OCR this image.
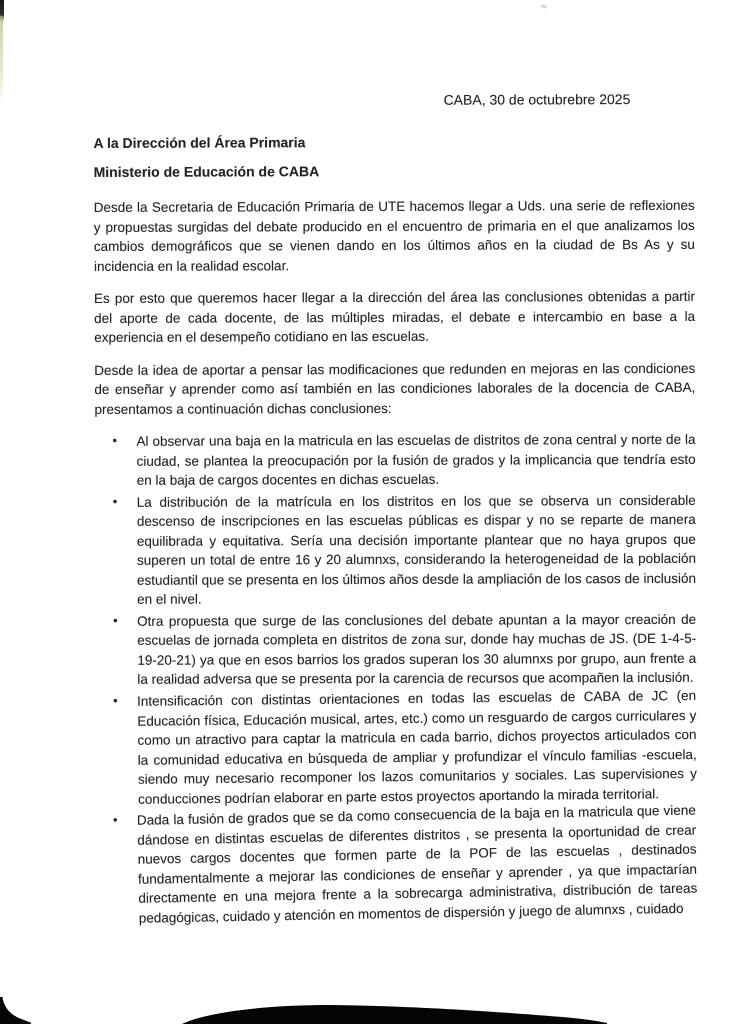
CABA, 30 de octubrebre 2025
A la Dirección del Área Primaria
Ministerio de Educación de CABA

Desde la Secretaria de Educación Primaria de UTE hacemos llegar a Uds. una serie de reflexiones y propuestas surgidas del debate producido en el encuentro de primaria en el que analizamos los cambios demográficos que se vienen dando en los últimos años en la ciudad de Bs As y su incidencia en la realidad escolar.

Es por esto que queremos hacer llegar a la dirección del área las conclusiones obtenidas a partir del aporte de cada docente, de las múltiples miradas, el debate e intercambio en base a la experiencia en el desempeño cotidiano en las escuelas.

Desde la idea de aportar a pensar las modificaciones que redunden en mejoras en las condiciones de enseñar y aprender como así también en las condiciones laborales de la docencia de CABA, presentamos a continuación dichas conclusiones:

• Al observar una baja en la matricula en las escuelas de distritos de zona central y norte de la ciudad, se plantea la preocupación por la fusión de grados y la implicancia que tendría esto en la baja de cargos docentes en dichas escuelas.
• La distribución de la matrícula en los distritos en los que se observa un considerable descenso de inscripciones en las escuelas públicas es dispar y no se reparte de manera equilibrada y equitativa. Sería una decisión importante plantear que no haya grupos que superen un total de entre 16 y 20 alumnxs, considerando la heterogeneidad de la población estudiantil que se presenta en los últimos años desde la ampliación de los casos de inclusión en el nivel.
• Otra propuesta que surge de las conclusiones del debate apuntan a la mayor creación de escuelas de jornada completa en distritos de zona sur, donde hay muchas de JS. (DE 1-4-5-19-20-21) ya que en esos barrios los grados superan los 30 alumnxs por grupo, aun frente a la realidad adversa que se presenta por la carencia de recursos que acompañen la inclusión.
• Intensificación con distintas orientaciones en todas las escuelas de CABA de JC (en Educación física, Educación musical, artes, etc.) como un resguardo de cargos curriculares y como un atractivo para captar la matricula en cada barrio, dichos proyectos articulados con la comunidad educativa en búsqueda de ampliar y profundizar el vínculo familias -escuela, siendo muy necesario recomponer los lazos comunitarios y sociales. Las supervisiones y conducciones podrían elaborar en parte estos proyectos aportando la mirada territorial.
• Dada la fusión de grados que se da como consecuencia de la baja en la matricula que viene dándose en distintas escuelas de diferentes distritos , se presenta la oportunidad de crear nuevos cargos docentes que formen parte de la POF de las escuelas , destinados fundamentalmente a mejorar las condiciones de enseñar y aprender , ya que impactarían directamente en una mejora frente a la sobrecarga administrativa, distribución de tareas pedagógicas, cuidado y atención en momentos de dispersión y juego de alumnxs , cuidado
